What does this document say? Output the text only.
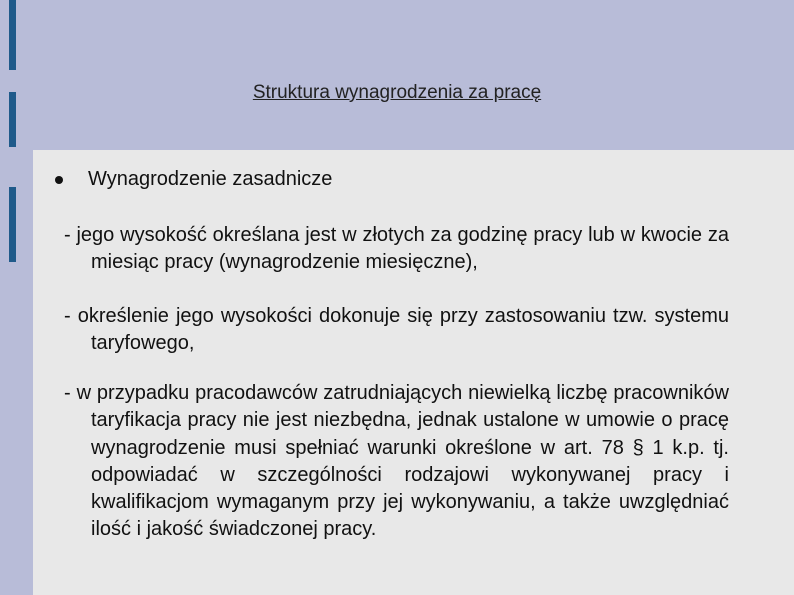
Struktura wynagrodzenia za pracę
Wynagrodzenie zasadnicze
- jego wysokość określana jest w złotych za godzinę pracy lub w kwocie za miesiąc pracy (wynagrodzenie miesięczne),
- określenie jego wysokości dokonuje się przy zastosowaniu tzw. systemu taryfowego,
- w przypadku pracodawców zatrudniających niewielką liczbę pracowników taryfikacja pracy nie jest niezbędna, jednak ustalone w umowie o pracę wynagrodzenie musi spełniać warunki określone w art. 78 § 1 k.p. tj. odpowiadać w szczególności rodzajowi wykonywanej pracy i kwalifikacjom wymaganym przy jej wykonywaniu, a także uwzględniać ilość i jakość świadczonej pracy.
